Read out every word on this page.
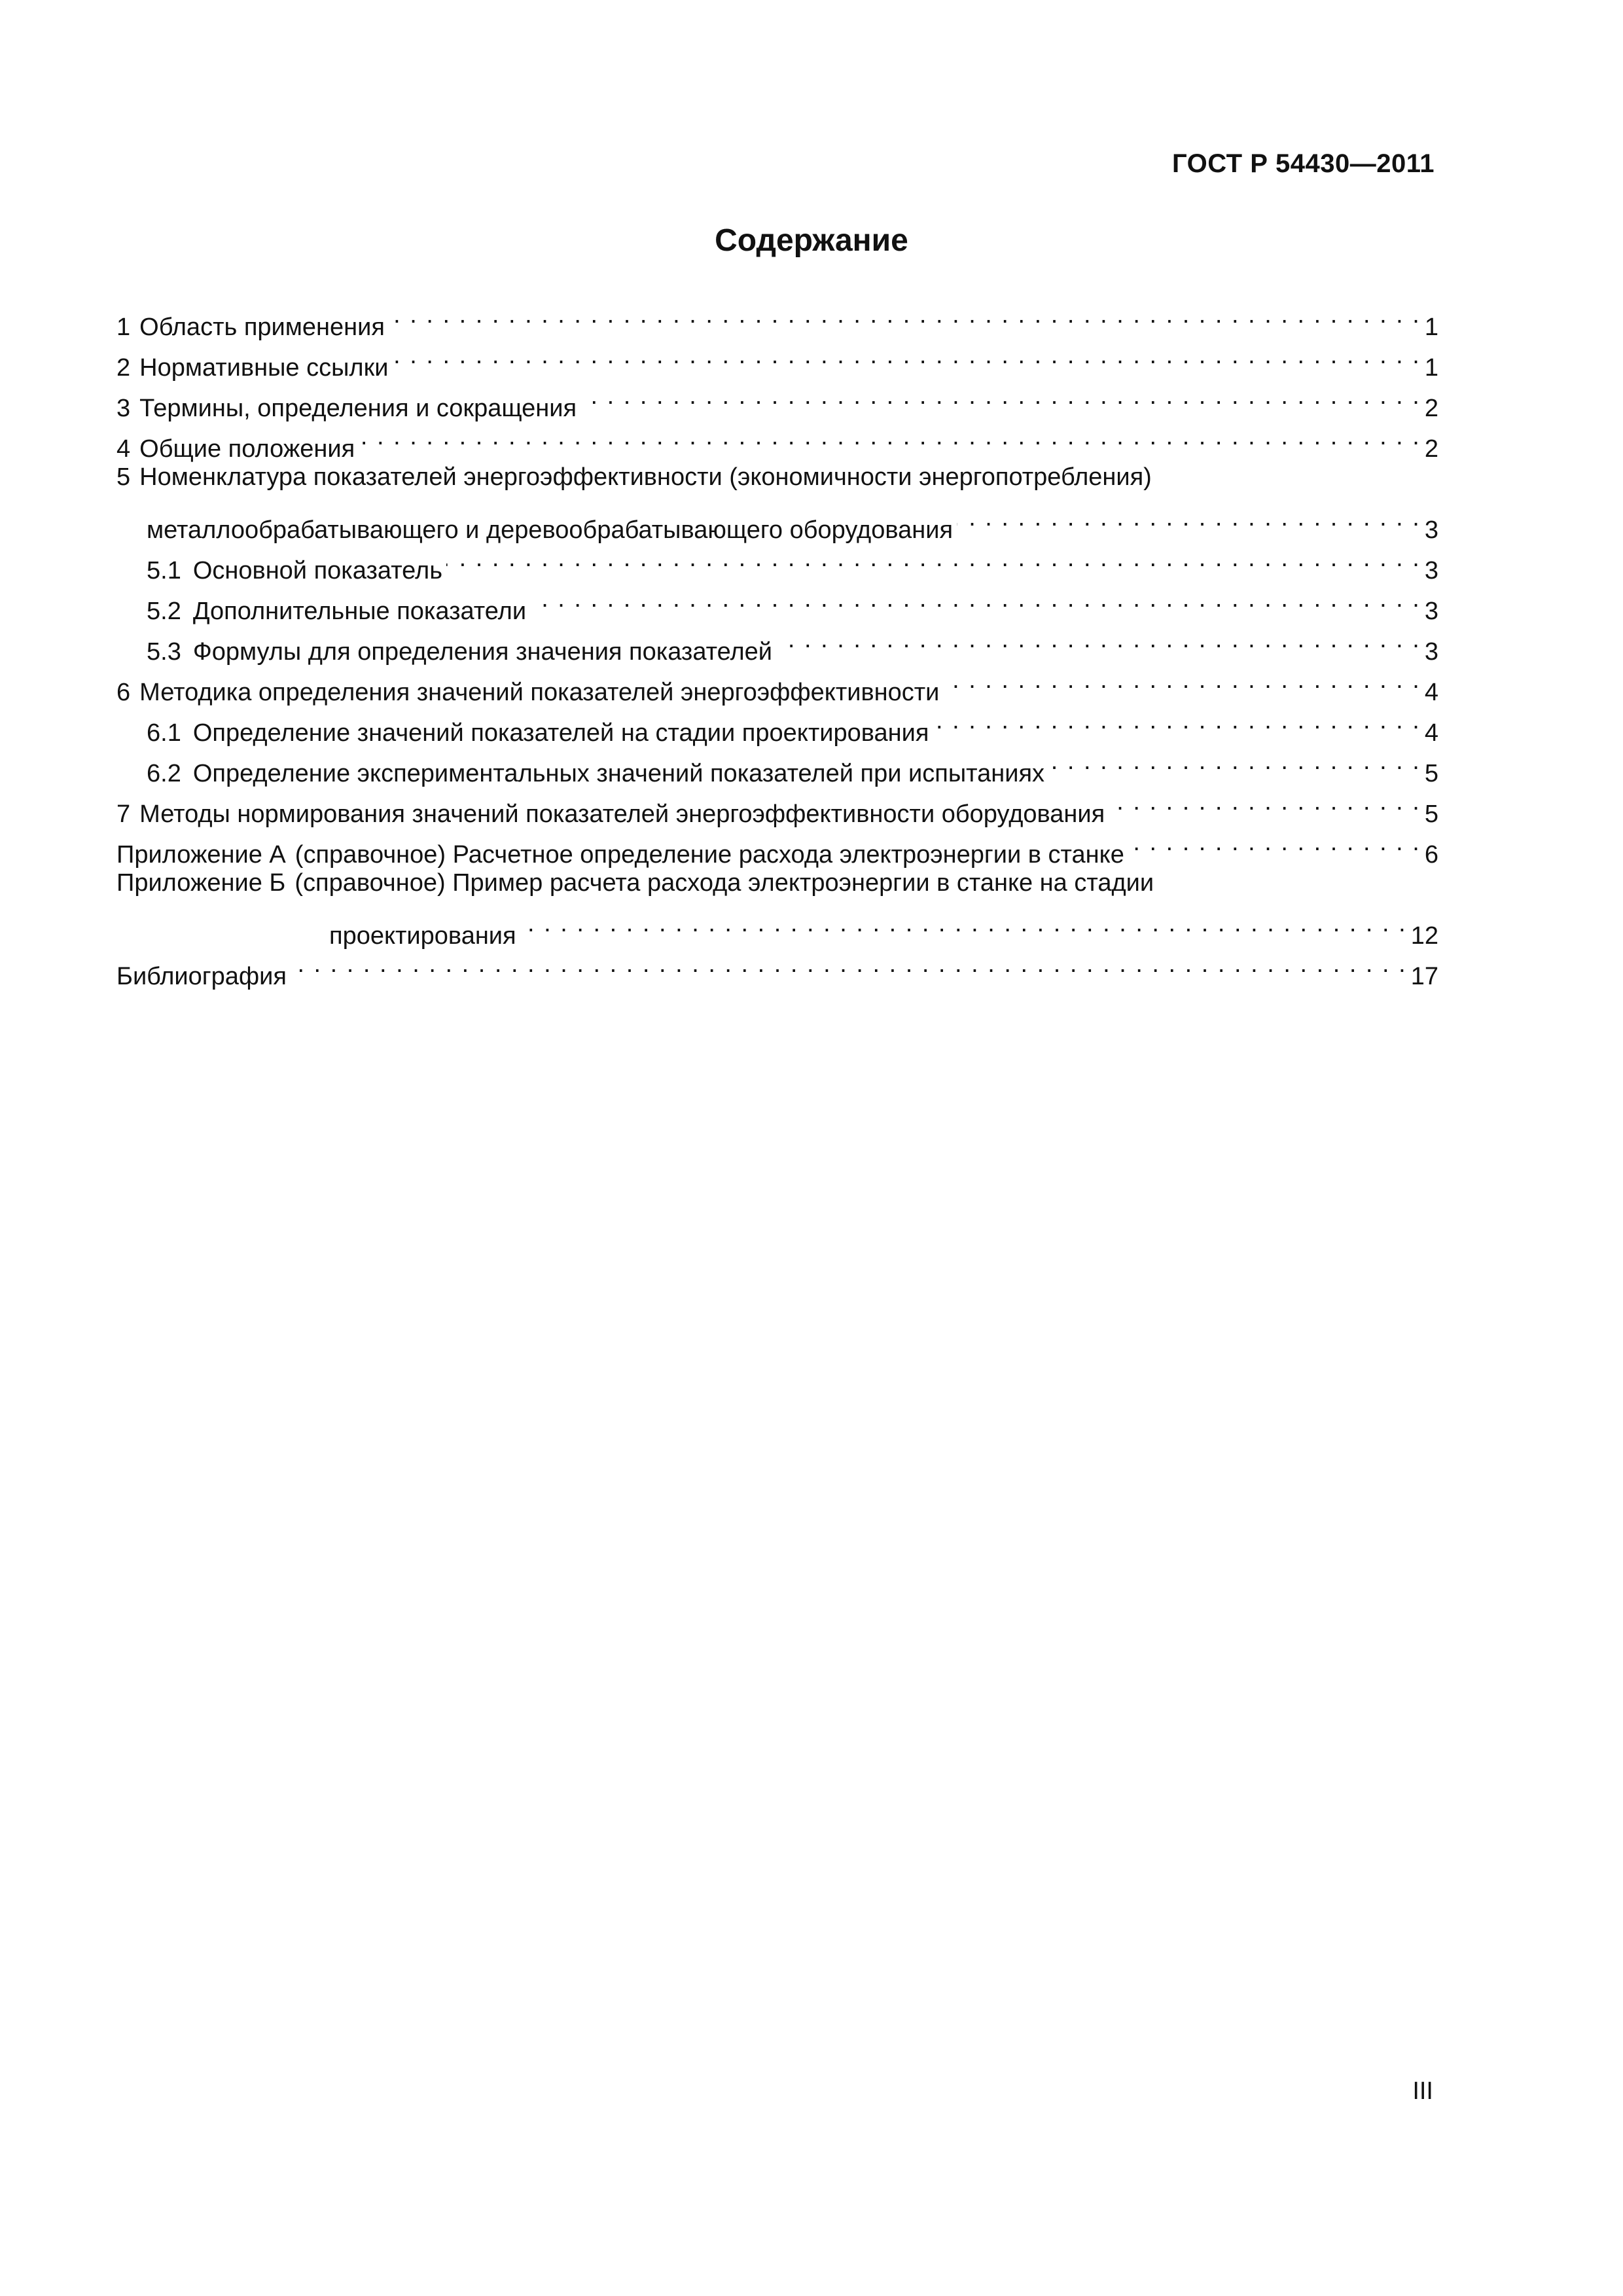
ГОСТ Р 54430—2011
Содержание
1 Область применения . . .	1
2 Нормативные ссылки . . .	1
3 Термины, определения и сокращения . . .	2
4 Общие положения . . .	2
5 Номенклатура показателей энергоэффективности (экономичности энергопотребления)
металлообрабатывающего и деревообрабатывающего оборудования . . .	3
5.1 Основной показатель . . .	3
5.2 Дополнительные показатели . . .	3
5.3 Формулы для определения значения показателей . . .	3
6 Методика определения значений показателей энергоэффективности . . .	4
6.1 Определение значений показателей на стадии проектирования . . .	4
6.2 Определение экспериментальных значений показателей при испытаниях . . .	5
7 Методы нормирования значений показателей энергоэффективности оборудования . . .	5
Приложение А (справочное) Расчетное определение расхода электроэнергии в станке . . .	6
Приложение Б (справочное) Пример расчета расхода электроэнергии в станке на стадии
проектирования . . .	12
Библиография . . .	17
III
